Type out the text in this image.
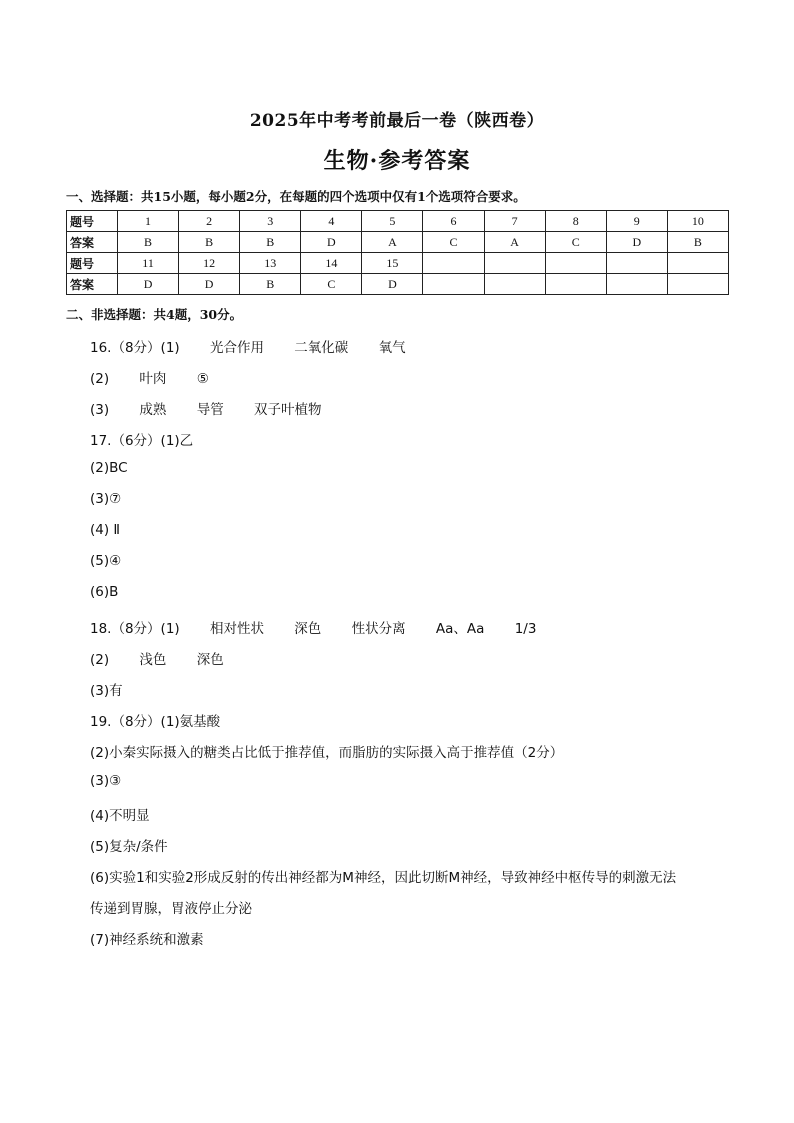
2025年中考考前最后一卷（陕西卷）
生物·参考答案
一、选择题：共15小题，每小题2分，在每题的四个选项中仅有1个选项符合要求。
题号	1	2	3	4	5	6	7	8	9	10
答案	B	B	B	D	A	C	A	C	D	B
题号	11	12	13	14	15					
答案	D	D	B	C	D					
二、非选择题：共4题，30分。
16.（8分）(1) 光合作用 二氧化碳 氧气
(2) 叶肉 ⑤
(3) 成熟 导管 双子叶植物
17.（6分）(1)乙
(2)BC
(3)⑦
(4) Ⅱ
(5)④
(6)B
18.（8分）(1) 相对性状 深色 性状分离 Aa、Aa 1/3
(2) 浅色 深色
(3)有
19.（8分）(1)氨基酸
(2)小秦实际摄入的糖类占比低于推荐值，而脂肪的实际摄入高于推荐值（2分）
(3)③
(4)不明显
(5)复杂/条件
(6)实验1和实验2形成反射的传出神经都为M神经，因此切断M神经，导致神经中枢传导的刺激无法
传递到胃腺，胃液停止分泌
(7)神经系统和激素
